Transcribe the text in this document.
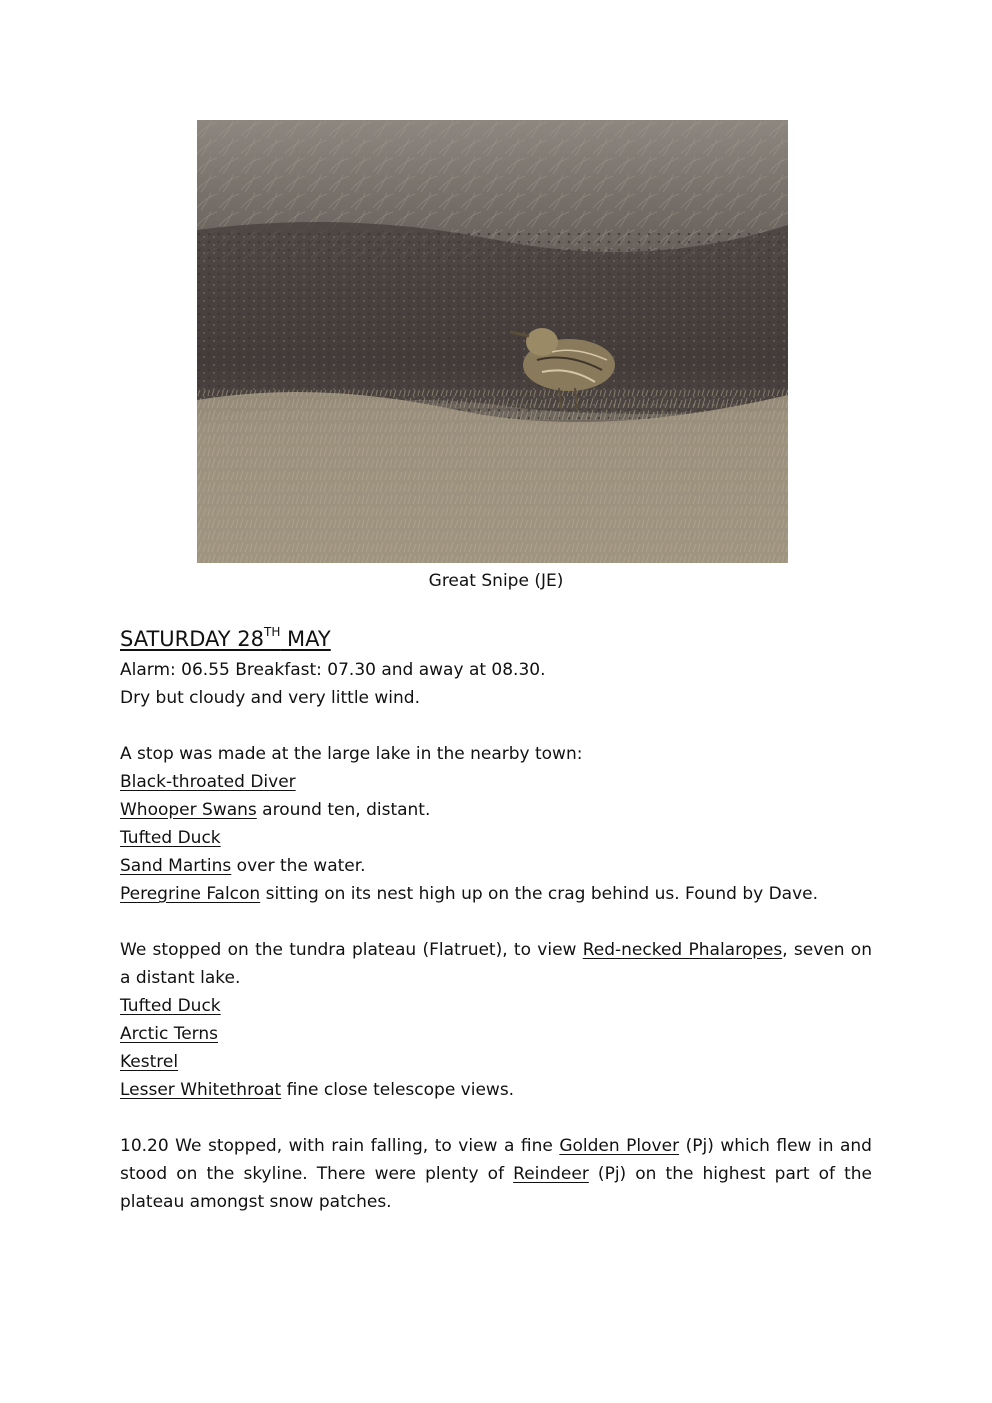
Great Snipe (JE)
SATURDAY 28TH MAY

Alarm: 06.55 Breakfast: 07.30 and away at 08.30.

Dry but cloudy and very little wind.

A stop was made at the large lake in the nearby town:

Black-throated Diver

Whooper Swans around ten, distant.

Tufted Duck

Sand Martins over the water.

Peregrine Falcon sitting on its nest high up on the crag behind us. Found by Dave.

We stopped on the tundra plateau (Flatruet), to view Red-necked Phalaropes, seven on a distant lake.

Tufted Duck

Arctic Terns

Kestrel

Lesser Whitethroat fine close telescope views.

10.20 We stopped, with rain falling, to view a fine Golden Plover (Pj) which flew in and stood on the skyline. There were plenty of Reindeer (Pj) on the highest part of the plateau amongst snow patches.
